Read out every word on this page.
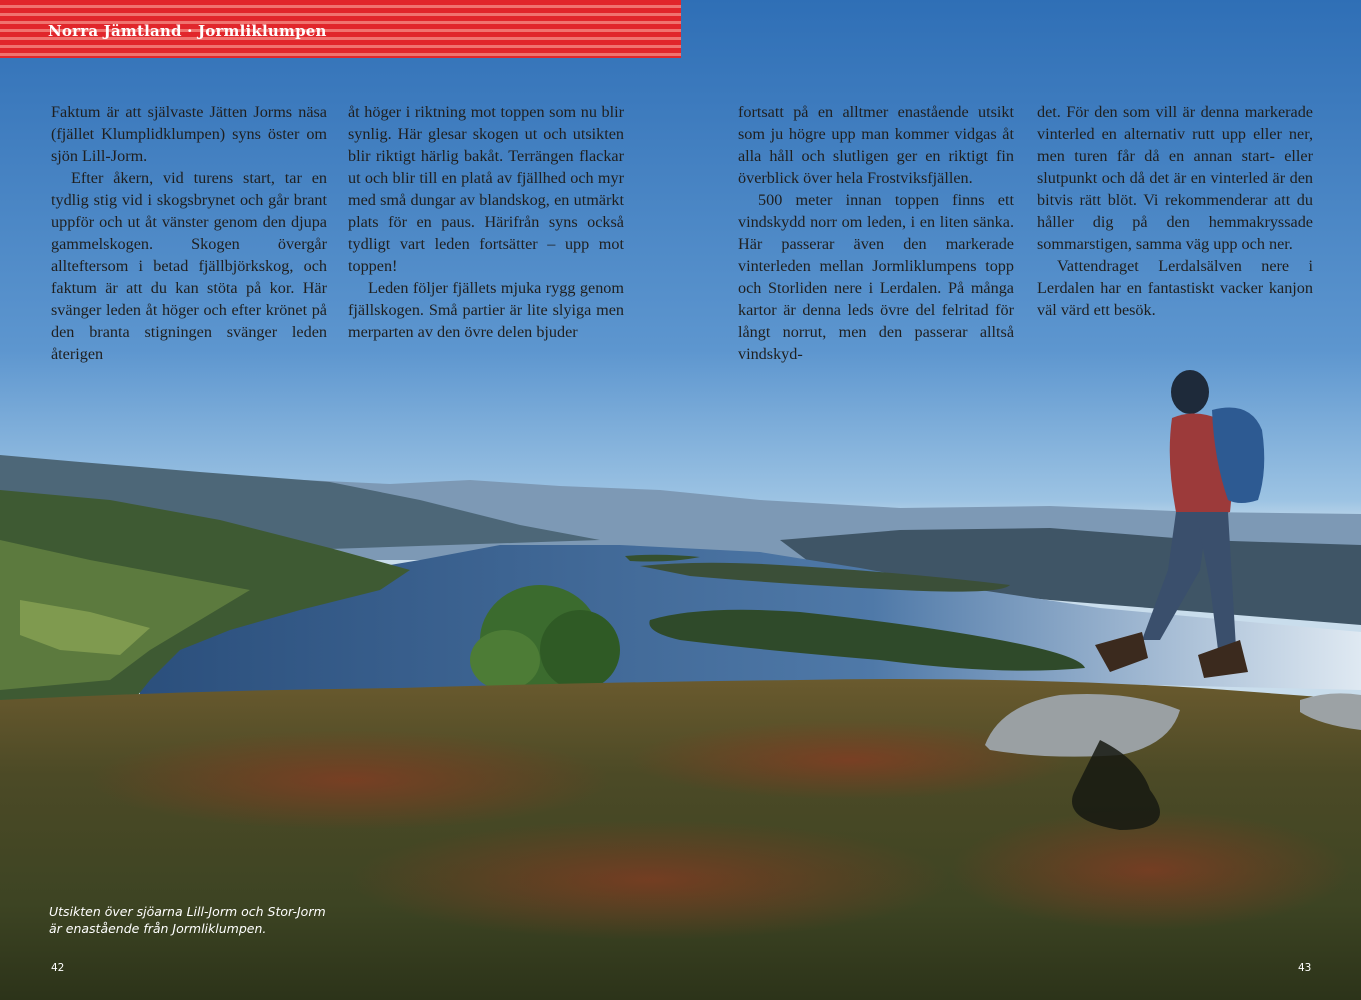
Norra Jämtland · Jormliklumpen

Faktum är att självaste Jätten Jorms näsa (fjället Klumplidklumpen) syns öster om sjön Lill-Jorm.

Efter åkern, vid turens start, tar en tydlig stig vid i skogsbrynet och går brant uppför och ut åt vänster genom den djupa gammelskogen. Skogen övergår allteftersom i betad fjällbjörkskog, och faktum är att du kan stöta på kor. Här svänger leden åt höger och efter krönet på den branta stigningen svänger leden återigen

åt höger i riktning mot toppen som nu blir synlig. Här glesar skogen ut och utsikten blir riktigt härlig bakåt. Terrängen flackar ut och blir till en platå av fjällhed och myr med små dungar av blandskog, en utmärkt plats för en paus. Härifrån syns också tydligt vart leden fortsätter – upp mot toppen!

Leden följer fjällets mjuka rygg genom fjällskogen. Små partier är lite slyiga men merparten av den övre delen bjuder

fortsatt på en alltmer enastående utsikt som ju högre upp man kommer vidgas åt alla håll och slutligen ger en riktigt fin överblick över hela Frostviksfjällen.

500 meter innan toppen finns ett vindskydd norr om leden, i en liten sänka. Här passerar även den markerade vinterleden mellan Jormliklumpens topp och Storliden nere i Lerdalen. På många kartor är denna leds övre del felritad för långt norrut, men den passerar alltså vindskyd-

det. För den som vill är denna markerade vinterled en alternativ rutt upp eller ner, men turen får då en annan start- eller slutpunkt och då det är en vinterled är den bitvis rätt blöt. Vi rekommenderar att du håller dig på den hemmakryssade sommarstigen, samma väg upp och ner.

Vattendraget Lerdalsälven nere i Lerdalen har en fantastiskt vacker kanjon väl värd ett besök.

Utsikten över sjöarna Lill-Jorm och Stor-Jorm
är enastående från Jormliklumpen.
42	43
